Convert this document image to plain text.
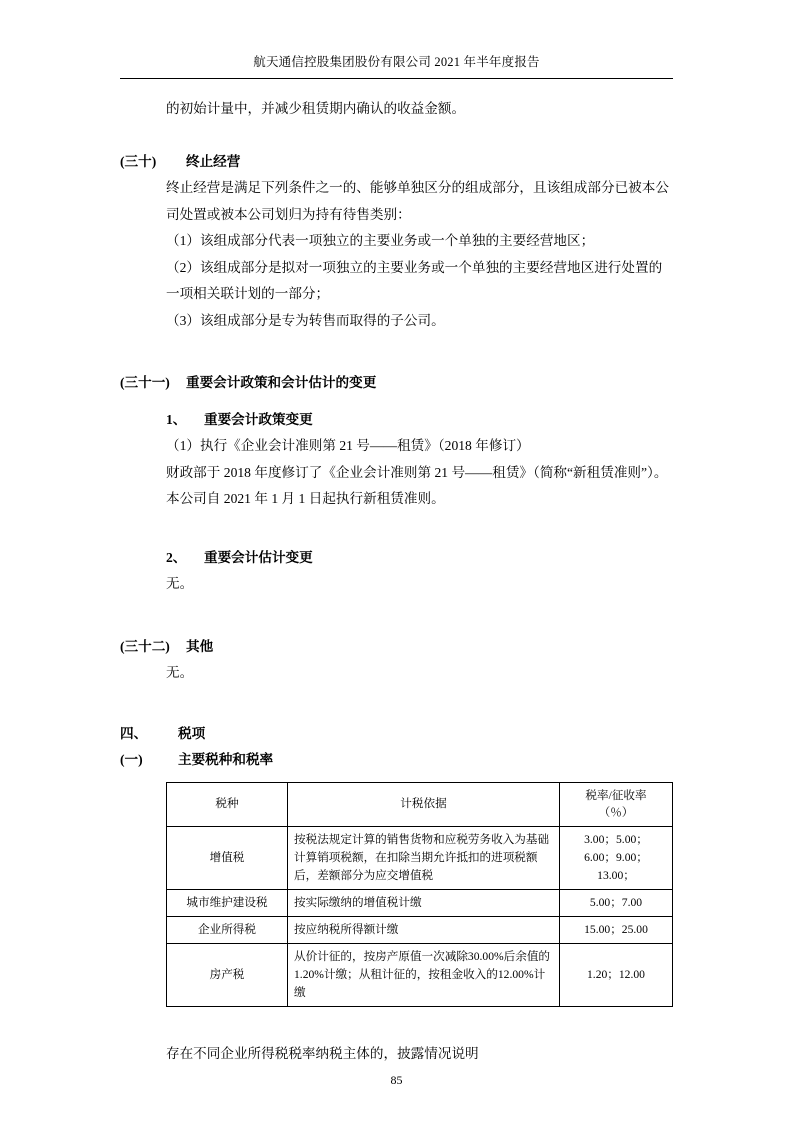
航天通信控股集团股份有限公司 2021 年半年度报告

的初始计量中，并减少租赁期内确认的收益金额。

(三十)	终止经营

终止经营是满足下列条件之一的、能够单独区分的组成部分，且该组成部分已被本公司处置或被本公司划归为持有待售类别：

（1）该组成部分代表一项独立的主要业务或一个单独的主要经营地区；

（2）该组成部分是拟对一项独立的主要业务或一个单独的主要经营地区进行处置的一项相关联计划的一部分；

（3）该组成部分是专为转售而取得的子公司。

(三十一)	重要会计政策和会计估计的变更
1、	重要会计政策变更

（1）执行《企业会计准则第 21 号——租赁》（2018 年修订）

财政部于 2018 年度修订了《企业会计准则第 21 号——租赁》（简称“新租赁准则”）。本公司自 2021 年 1 月 1 日起执行新租赁准则。

2、	重要会计估计变更

无。

(三十二)	其他

无。

四、	税项
(一)	主要税种和税率
税种	计税依据	税率/征收率
（％）

增值税	按税法规定计算的销售货物和应税劳务收入为基础计算销项税额，在扣除当期允许抵扣的进项税额后，差额部分为应交增值税	3.00；5.00；
6.00；9.00；
13.00；

城市维护建设税	按实际缴纳的增值税计缴	5.00；7.00

企业所得税	按应纳税所得额计缴	15.00；25.00

房产税	从价计征的，按房产原值一次减除30.00%后余值的1.20%计缴；从租计征的，按租金收入的12.00%计缴	1.20；12.00

存在不同企业所得税税率纳税主体的，披露情况说明

85
